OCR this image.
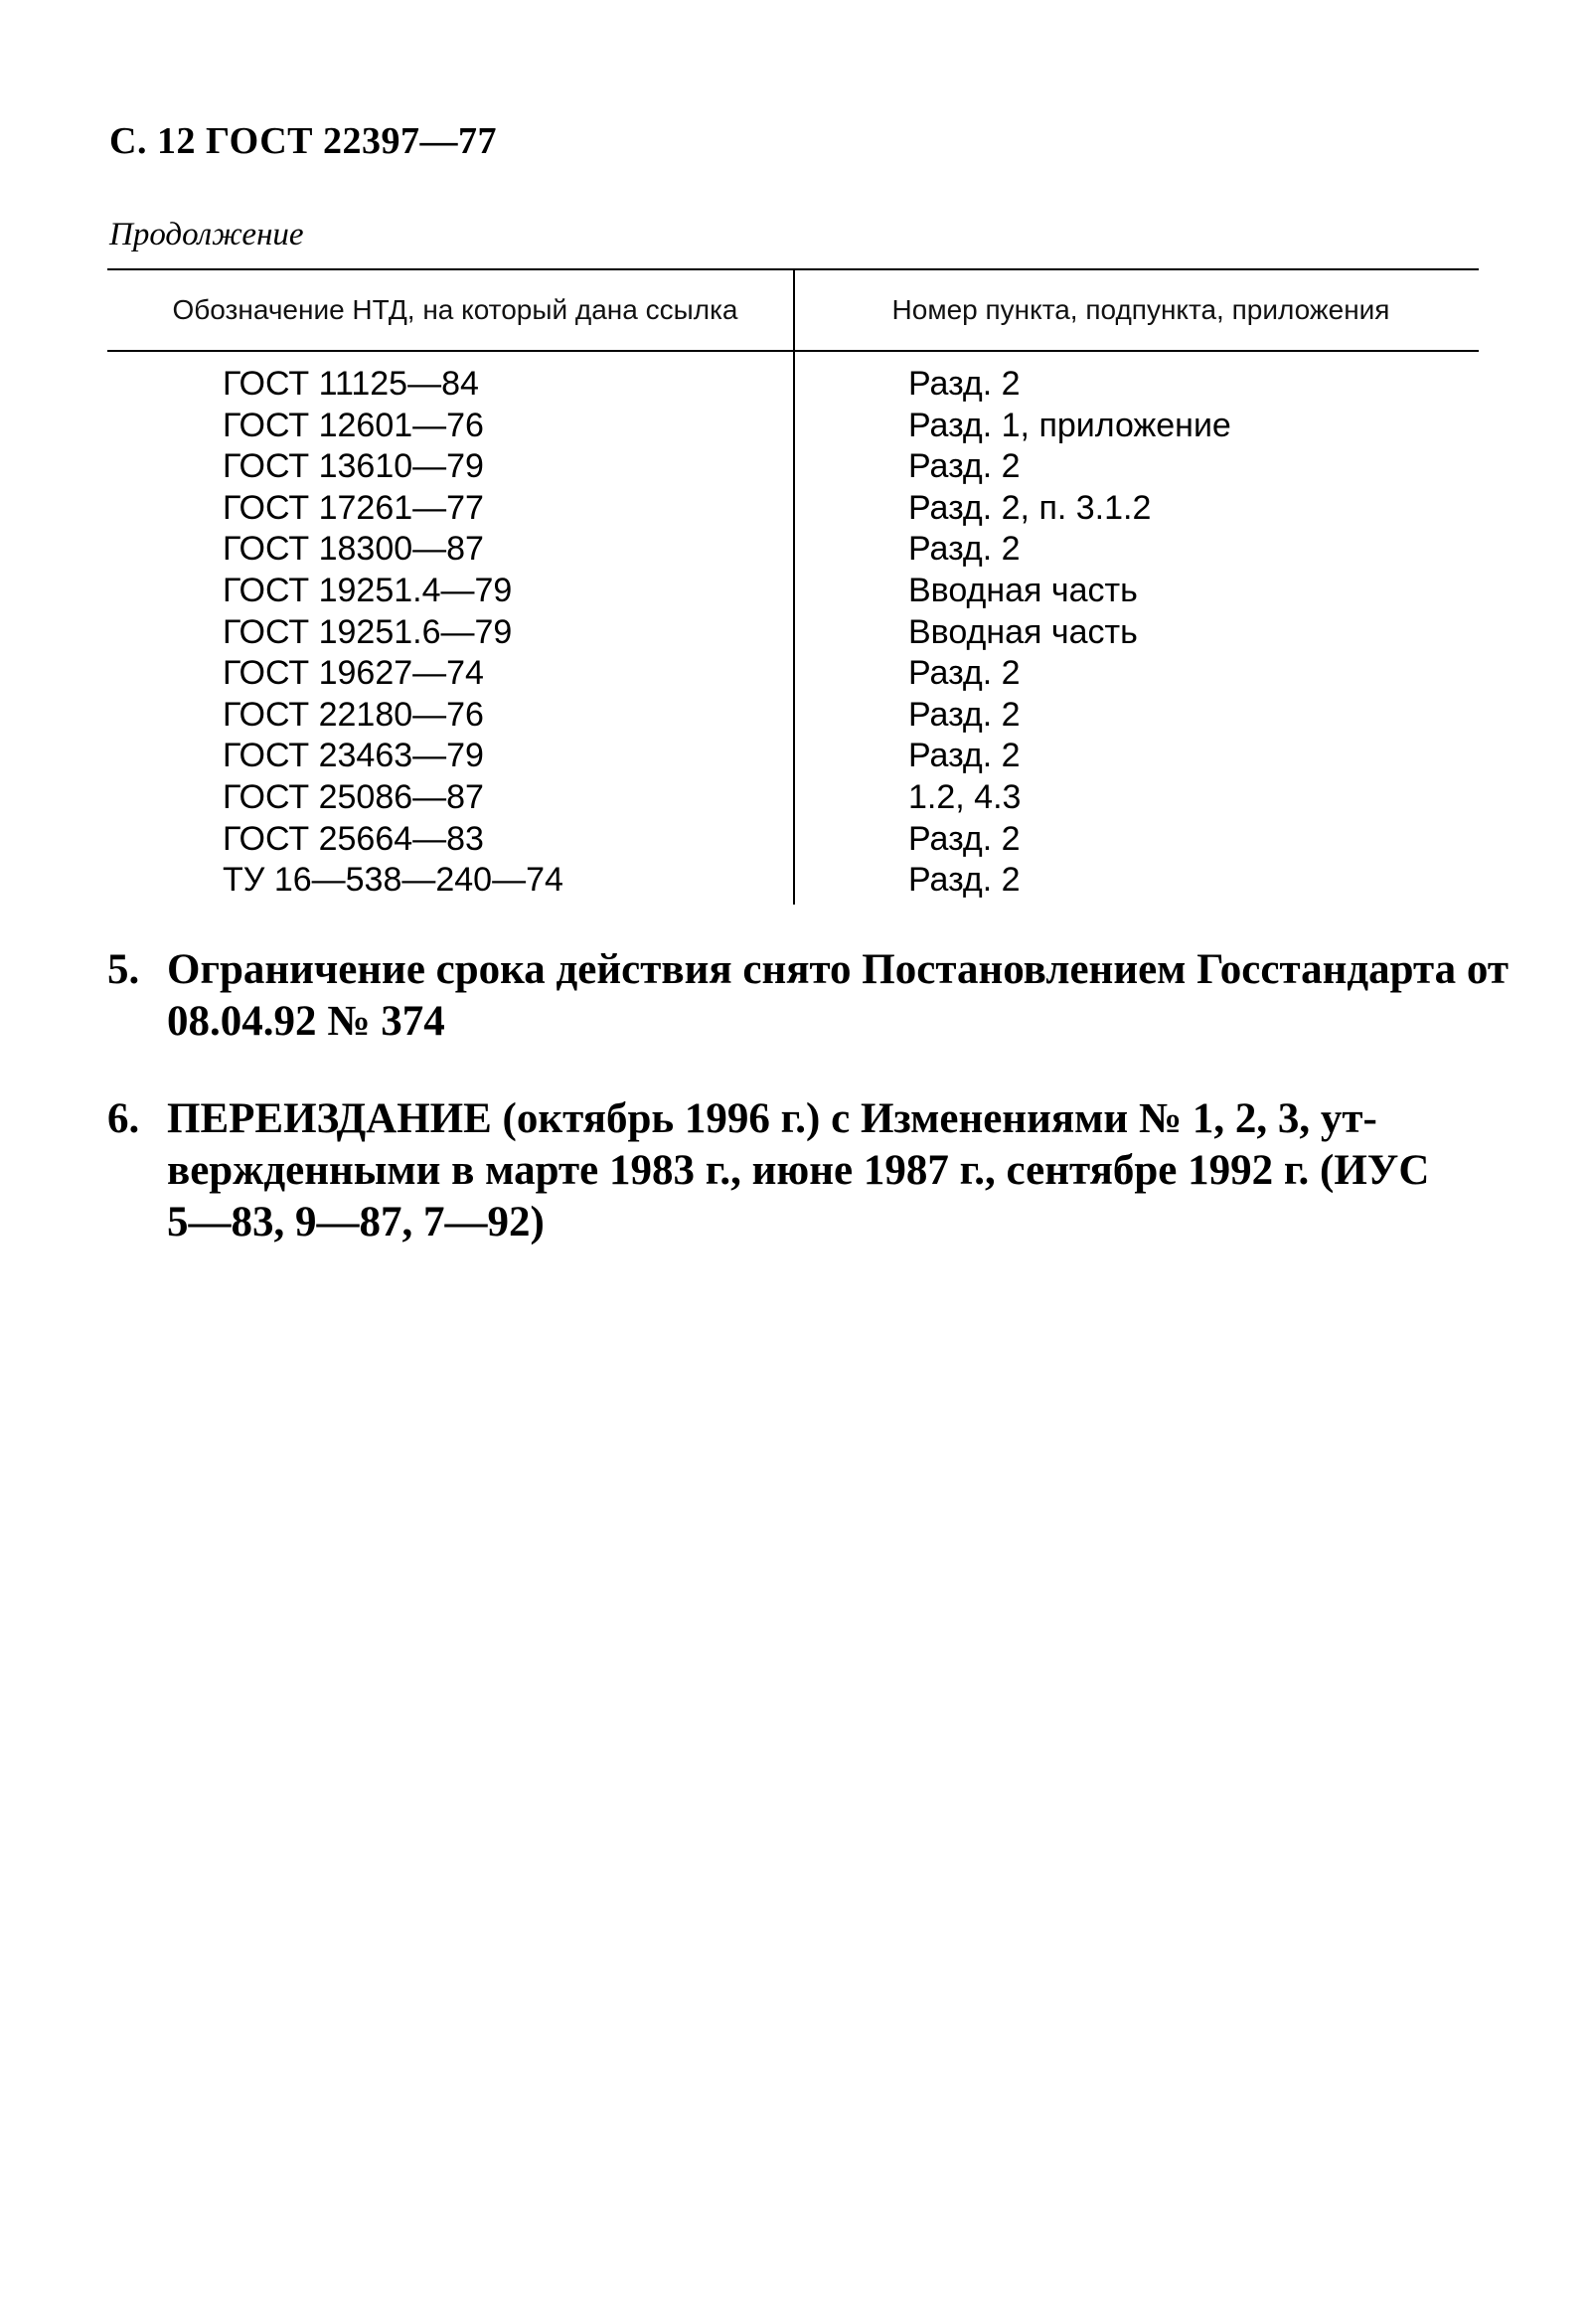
С. 12 ГОСТ 22397—77
Продолжение
Обозначение НТД, на который дана ссылка	Номер пункта, подпункта, приложения
ГОСТ 11125—84	Разд. 2
ГОСТ 12601—76	Разд. 1, приложение
ГОСТ 13610—79	Разд. 2
ГОСТ 17261—77	Разд. 2, п. 3.1.2
ГОСТ 18300—87	Разд. 2
ГОСТ 19251.4—79	Вводная часть
ГОСТ 19251.6—79	Вводная часть
ГОСТ 19627—74	Разд. 2
ГОСТ 22180—76	Разд. 2
ГОСТ 23463—79	Разд. 2
ГОСТ 25086—87	1.2, 4.3
ГОСТ 25664—83	Разд. 2
ТУ 16—538—240—74	Разд. 2
5. Ограничение срока действия снято Постановлением Госстандарта от
08.04.92 № 374
6. ПЕРЕИЗДАНИЕ (октябрь 1996 г.) с Изменениями № 1, 2, 3, ут-
вержденными в марте 1983 г., июне 1987 г., сентябре 1992 г. (ИУС
5—83, 9—87, 7—92)
